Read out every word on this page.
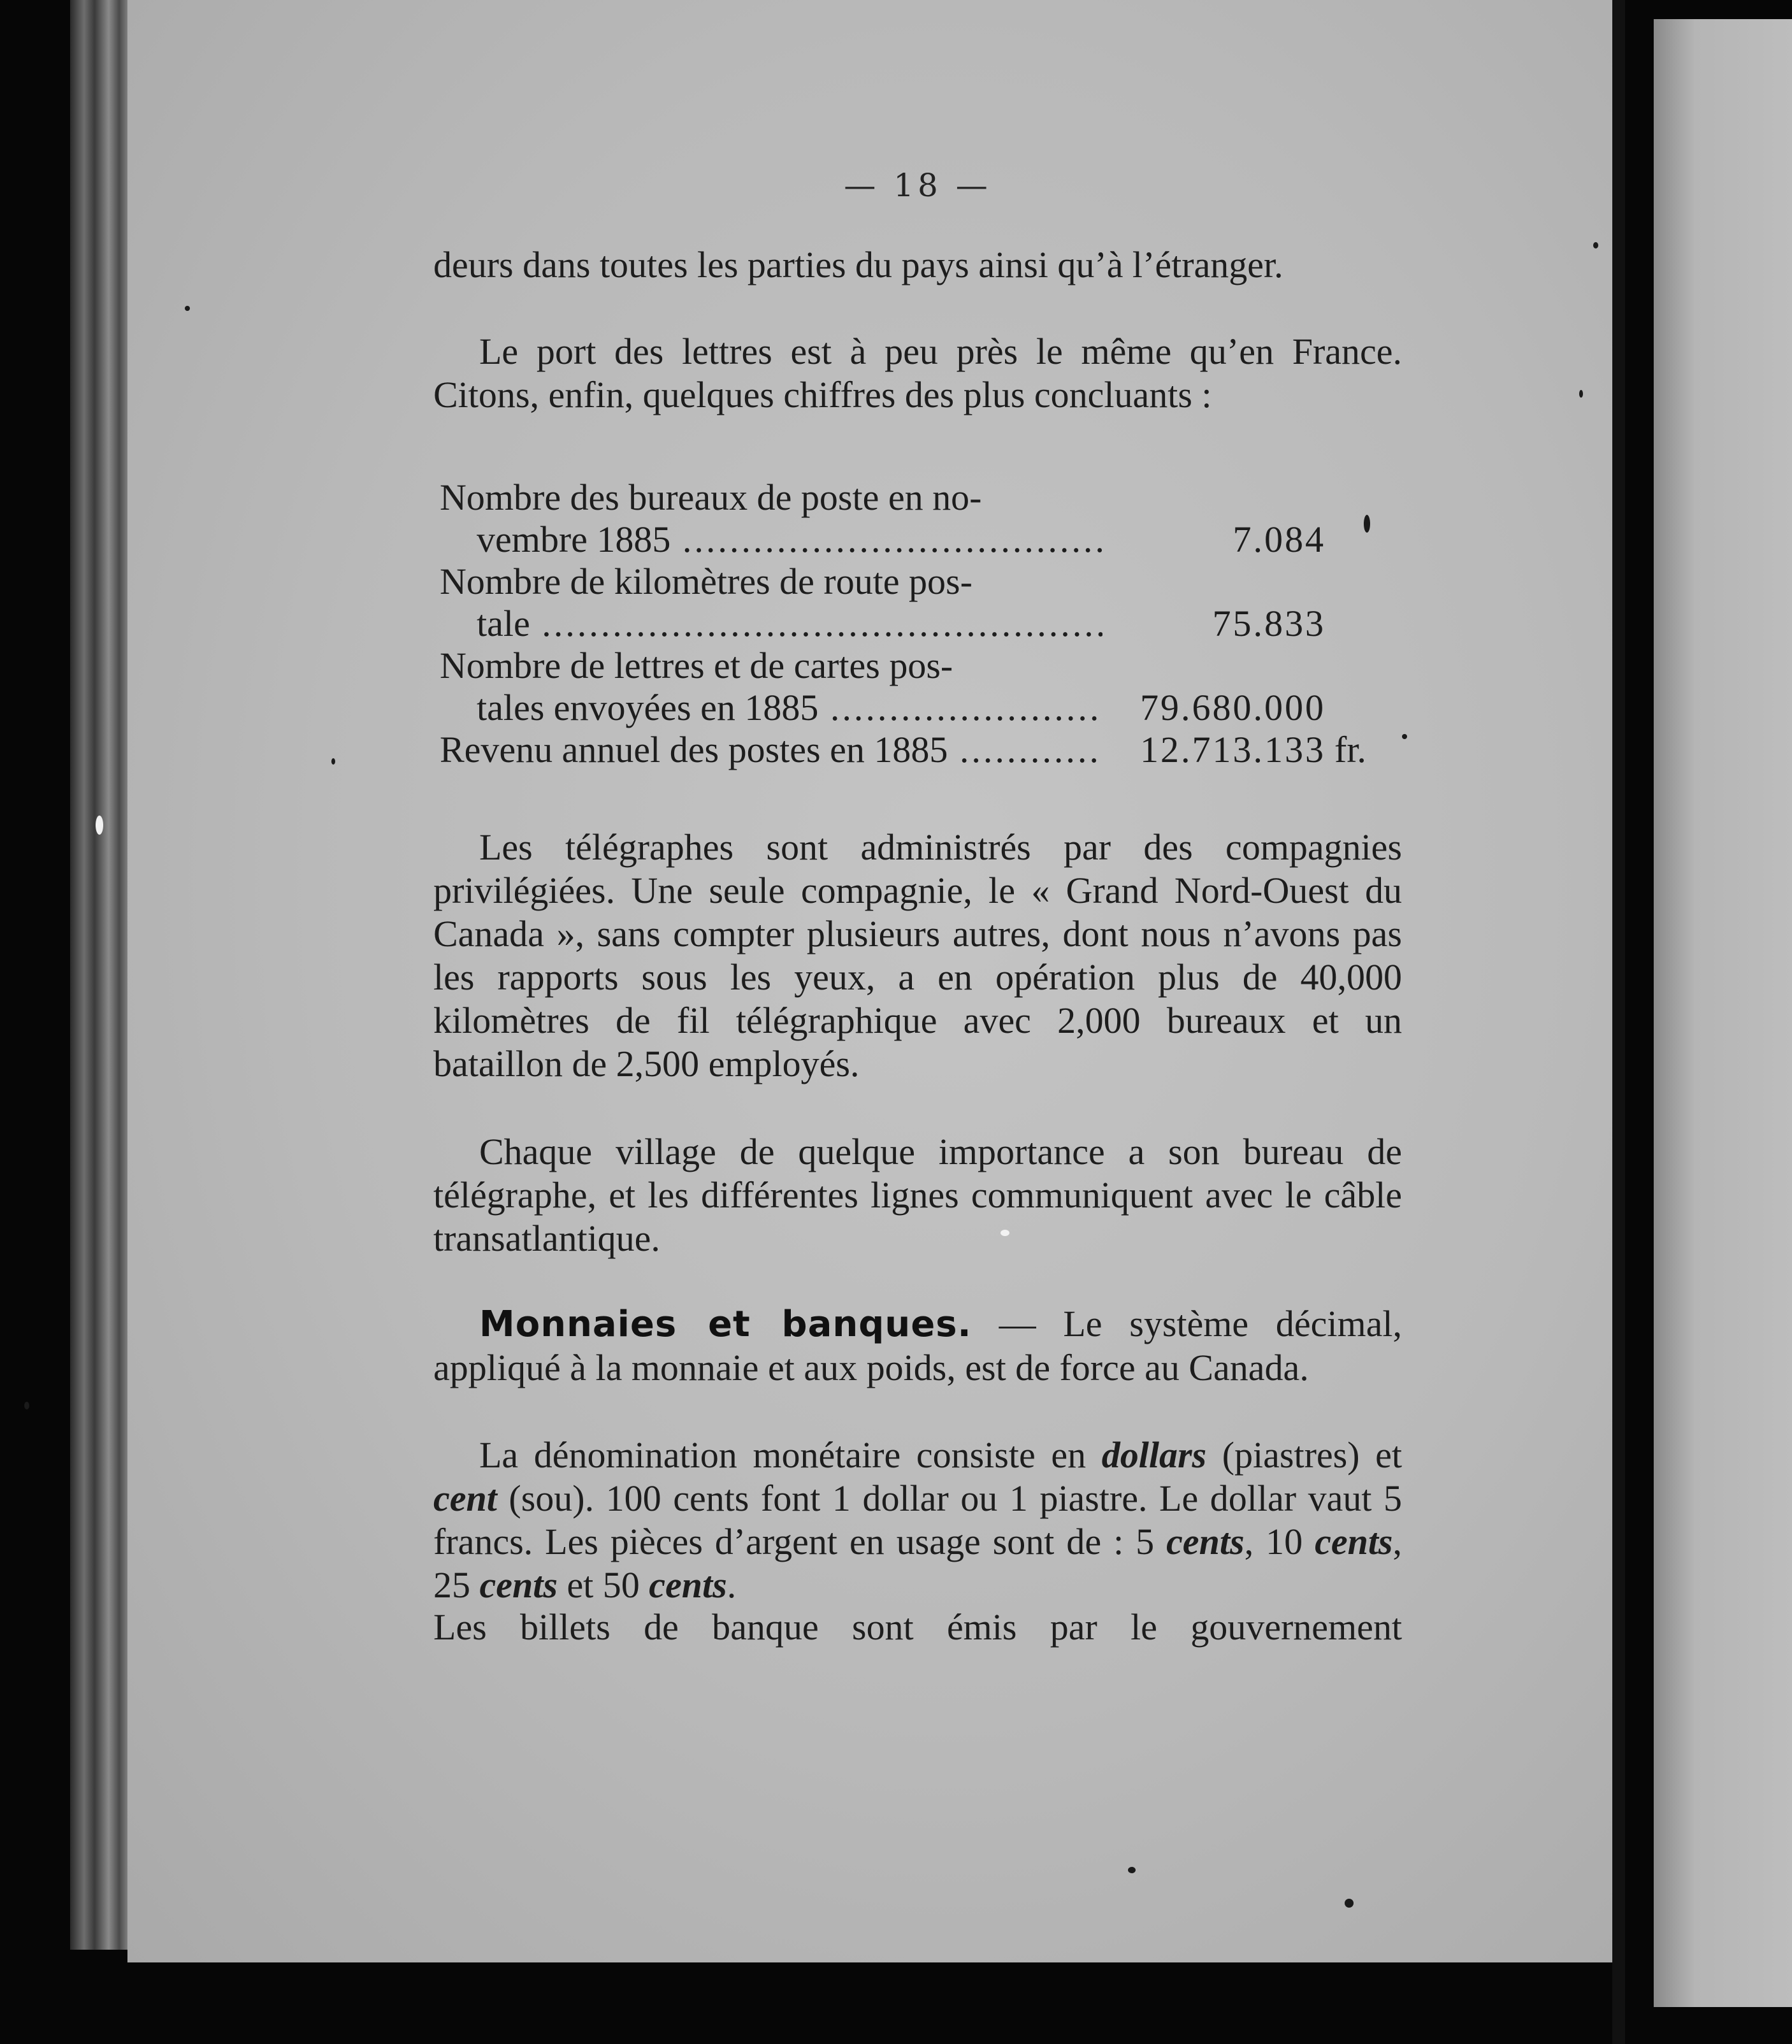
— 18 —

deurs dans toutes les parties du pays ainsi qu’à l’étranger.

Le port des lettres est à peu près le même qu’en France. Citons, enfin, quelques chiffres des plus concluants :

Nombre des bureaux de poste en no-
vembre 1885 .....	7.084
Nombre de kilomètres de route pos-
tale .....	75.833
Nombre de lettres et de cartes pos-
tales envoyées en 1885 .....	79.680.000
Revenu annuel des postes en 1885 .....	12.713.133 fr.

Les télégraphes sont administrés par des compagnies privilégiées. Une seule compagnie, le « Grand Nord-Ouest du Canada », sans compter plusieurs autres, dont nous n’avons pas les rapports sous les yeux, a en opération plus de 40,000 kilomètres de fil télégraphique avec 2,000 bureaux et un bataillon de 2,500 employés.

Chaque village de quelque importance a son bureau de télégraphe, et les différentes lignes communiquent avec le câble transatlantique.

Monnaies et banques. — Le système décimal, appliqué à la monnaie et aux poids, est de force au Canada.

La dénomination monétaire consiste en dollars (piastres) et cent (sou). 100 cents font 1 dollar ou 1 piastre. Le dollar vaut 5 francs. Les pièces d’argent en usage sont de : 5 cents, 10 cents, 25 cents et 50 cents.

Les billets de banque sont émis par le gouvernement
